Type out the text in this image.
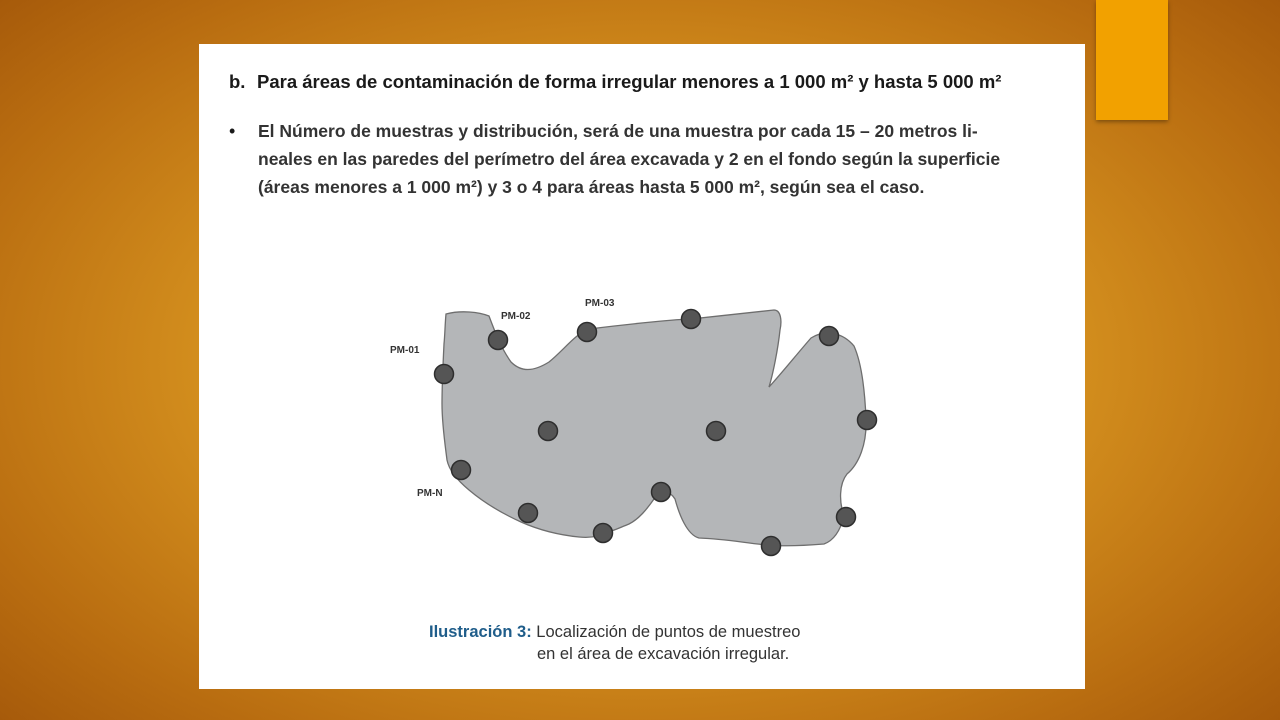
b. Para áreas de contaminación de forma irregular menores a 1 000 m² y hasta 5 000 m²
• El Número de muestras y distribución, será de una muestra por cada 15 – 20 metros li-
neales en las paredes del perímetro del área excavada y 2 en el fondo según la superficie
(áreas menores a 1 000 m²) y 3 o 4 para áreas hasta 5 000 m², según sea el caso.
PM-01
PM-02
PM-03
PM-N
Ilustración 3: Localización de puntos de muestreo
en el área de excavación irregular.
